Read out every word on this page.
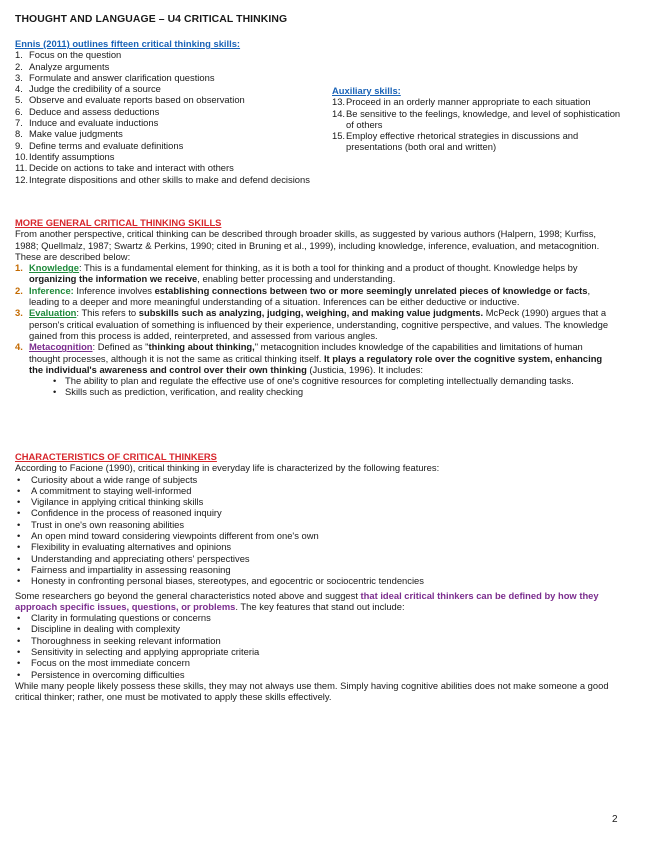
THOUGHT AND LANGUAGE – U4 CRITICAL THINKING
Ennis (2011) outlines fifteen critical thinking skills:
1. Focus on the question
2. Analyze arguments
3. Formulate and answer clarification questions
4. Judge the credibility of a source
5. Observe and evaluate reports based on observation
6. Deduce and assess deductions
7. Induce and evaluate inductions
8. Make value judgments
9. Define terms and evaluate definitions
10. Identify assumptions
11. Decide on actions to take and interact with others
12. Integrate dispositions and other skills to make and defend decisions
Auxiliary skills:
13. Proceed in an orderly manner appropriate to each situation
14. Be sensitive to the feelings, knowledge, and level of sophistication of others
15. Employ effective rhetorical strategies in discussions and presentations (both oral and written)
MORE GENERAL CRITICAL THINKING SKILLS

From another perspective, critical thinking can be described through broader skills, as suggested by various authors (Halpern, 1998; Kurfiss, 1988; Quellmalz, 1987; Swartz & Perkins, 1990; cited in Bruning et al., 1999), including knowledge, inference, evaluation, and metacognition. These are described below:

1. Knowledge: This is a fundamental element for thinking, as it is both a tool for thinking and a product of thought. Knowledge helps by organizing the information we receive, enabling better processing and understanding.
2. Inference: Inference involves establishing connections between two or more seemingly unrelated pieces of knowledge or facts, leading to a deeper and more meaningful understanding of a situation. Inferences can be either deductive or inductive.
3. Evaluation: This refers to subskills such as analyzing, judging, weighing, and making value judgments. McPeck (1990) argues that a person's critical evaluation of something is influenced by their experience, understanding, cognitive perspective, and values. The knowledge gained from this process is added, reinterpreted, and assessed from various angles.
4. Metacognition: Defined as "thinking about thinking," metacognition includes knowledge of the capabilities and limitations of human thought processes, although it is not the same as critical thinking itself. It plays a regulatory role over the cognitive system, enhancing the individual's awareness and control over their own thinking (Justicia, 1996). It includes:
• The ability to plan and regulate the effective use of one's cognitive resources for completing intellectually demanding tasks.
• Skills such as prediction, verification, and reality checking
CHARACTERISTICS OF CRITICAL THINKERS

According to Facione (1990), critical thinking in everyday life is characterized by the following features:

• Curiosity about a wide range of subjects
• A commitment to staying well-informed
• Vigilance in applying critical thinking skills
• Confidence in the process of reasoned inquiry
• Trust in one's own reasoning abilities
• An open mind toward considering viewpoints different from one's own
• Flexibility in evaluating alternatives and opinions
• Understanding and appreciating others' perspectives
• Fairness and impartiality in assessing reasoning
• Honesty in confronting personal biases, stereotypes, and egocentric or sociocentric tendencies

Some researchers go beyond the general characteristics noted above and suggest that ideal critical thinkers can be defined by how they approach specific issues, questions, or problems. The key features that stand out include:

• Clarity in formulating questions or concerns
• Discipline in dealing with complexity
• Thoroughness in seeking relevant information
• Sensitivity in selecting and applying appropriate criteria
• Focus on the most immediate concern
• Persistence in overcoming difficulties

While many people likely possess these skills, they may not always use them. Simply having cognitive abilities does not make someone a good critical thinker; rather, one must be motivated to apply these skills effectively.

2
